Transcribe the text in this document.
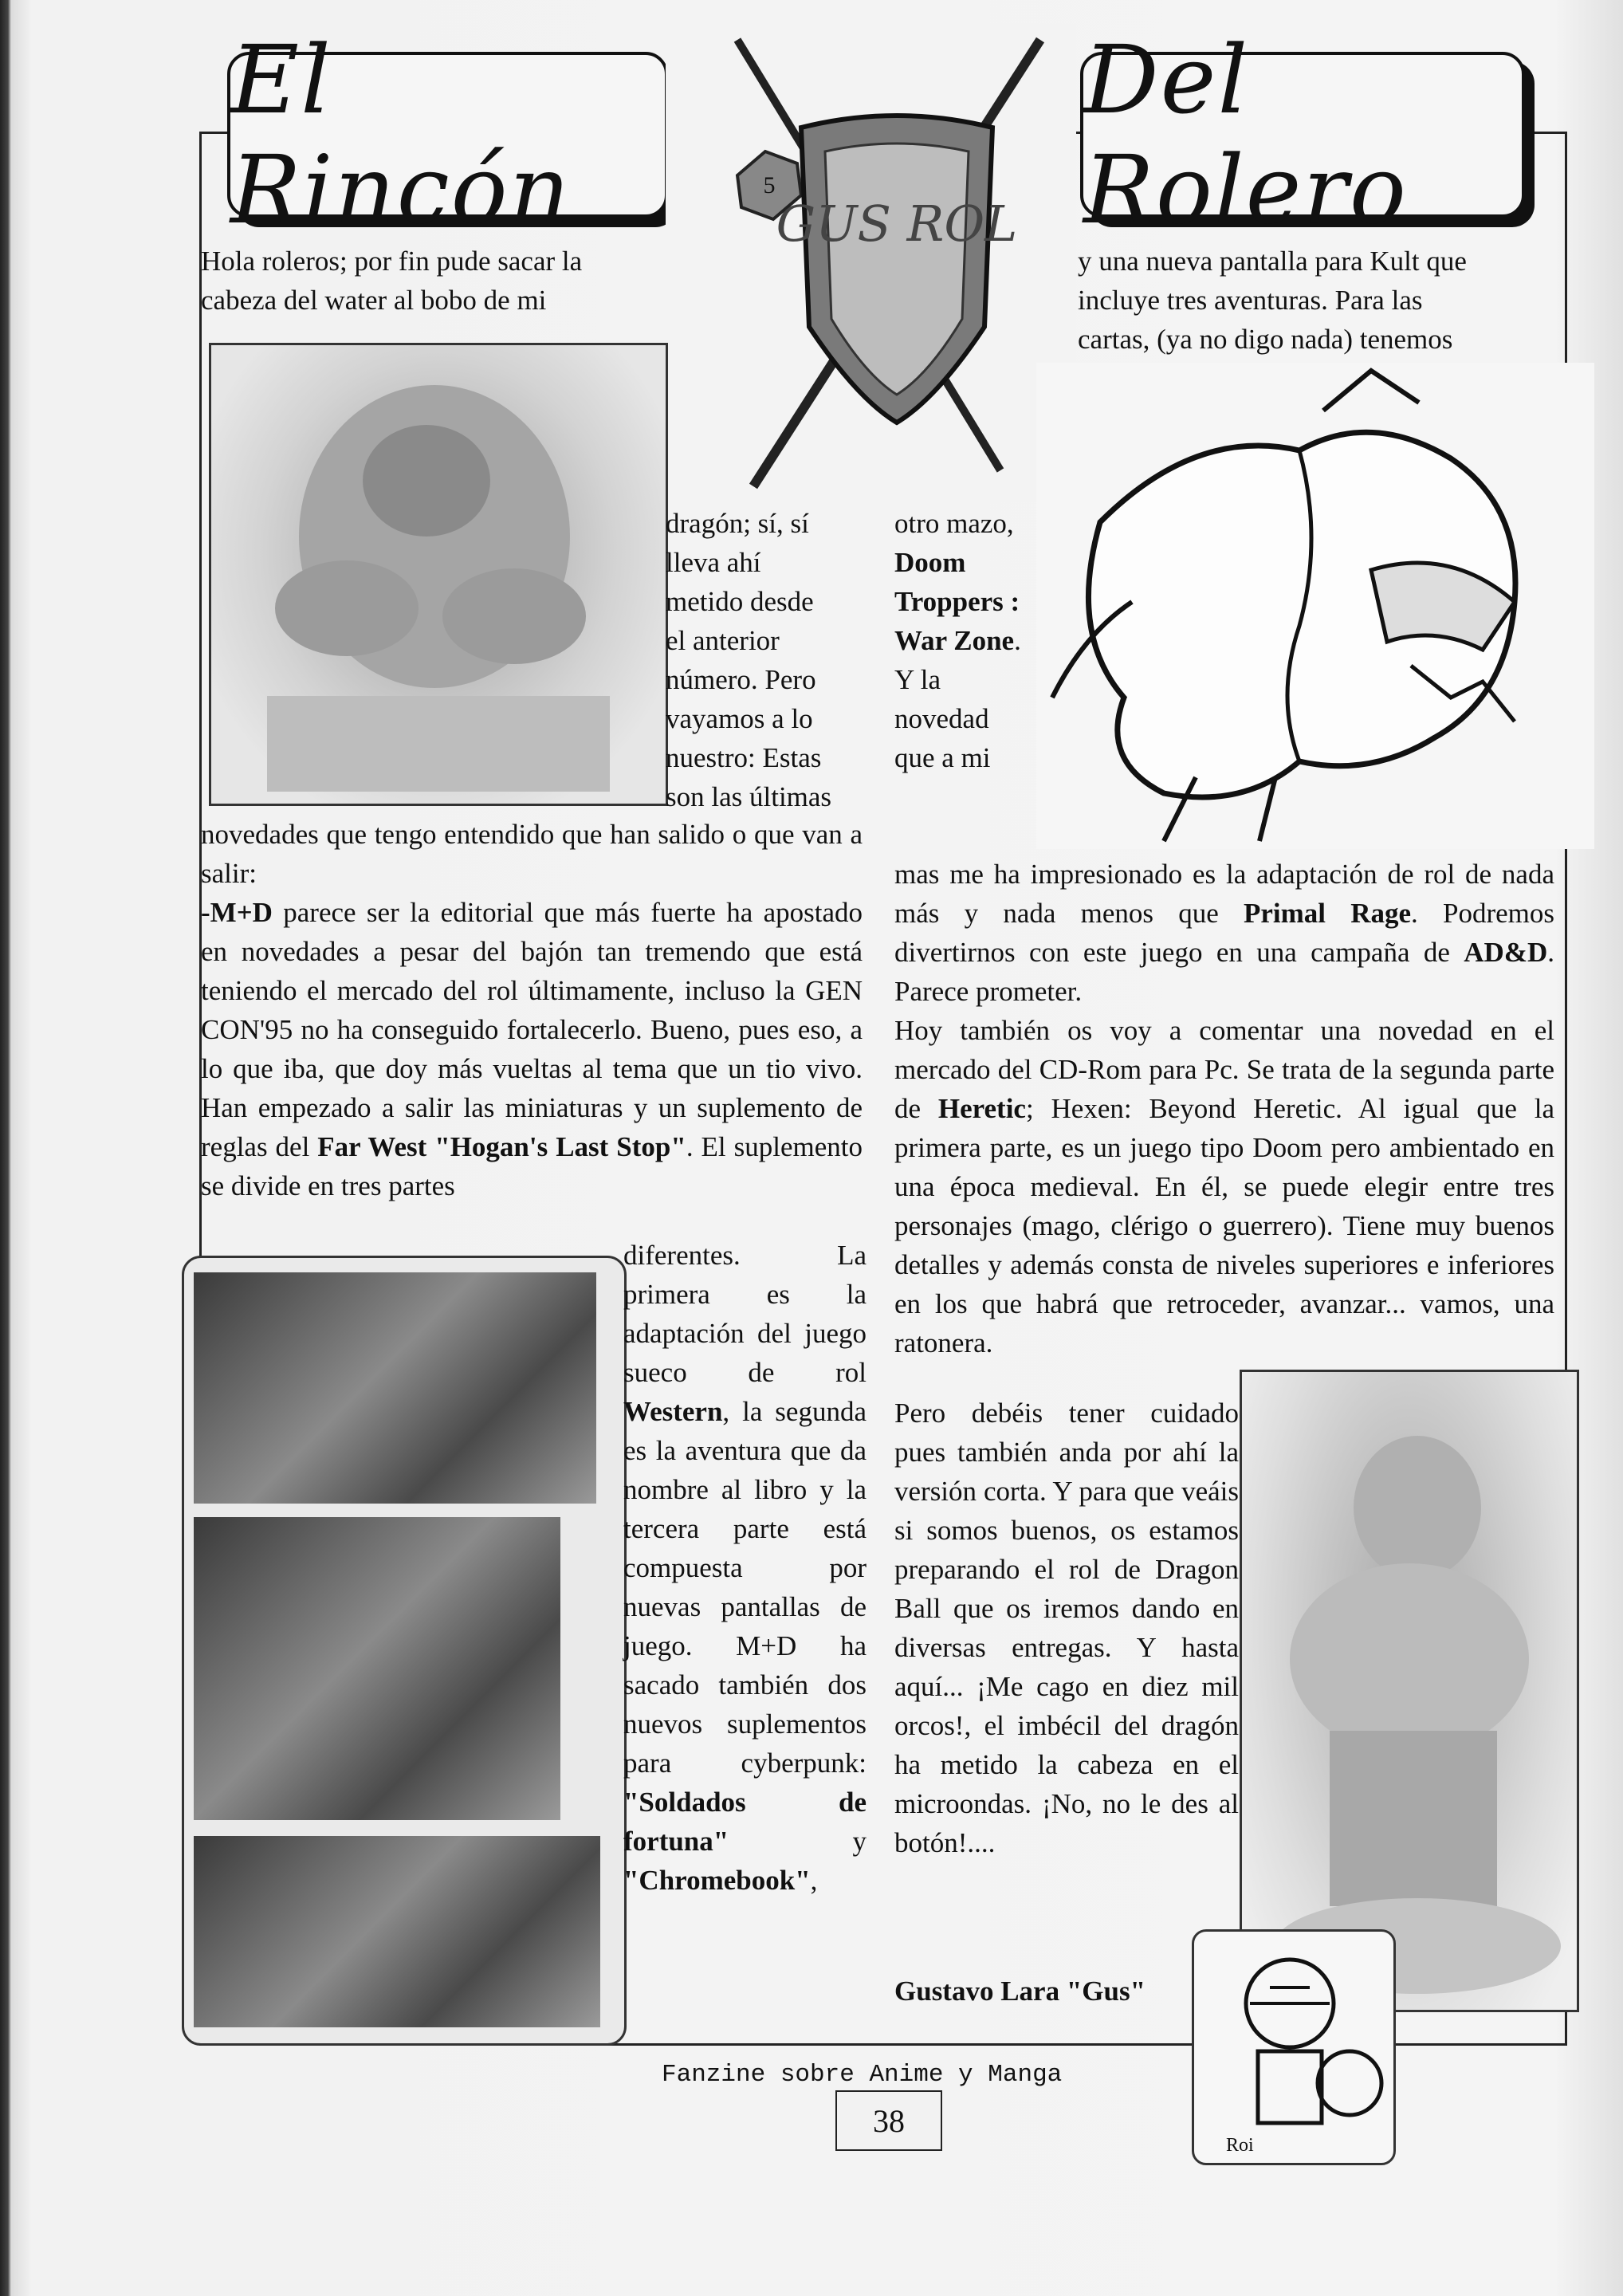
El Rincón
Del Rolero
5
GUS ROL

Hola roleros; por fin pude sacar la

cabeza del water al bobo de mi

y una nueva pantalla para Kult que

incluye tres aventuras. Para las

cartas, (ya no digo nada) tenemos

dragón; sí, sí

lleva ahí

metido desde

el anterior

número. Pero

vayamos a lo

nuestro: Estas

son las últimas

otro mazo, Doom Troppers : War Zone. Y la novedad que a mi

novedades que tengo entendido que han salido o que van a salir:

-M+D parece ser la editorial que más fuerte ha apostado en novedades a pesar del bajón tan tremendo que está teniendo el mercado del rol últimamente, incluso la GEN CON'95 no ha conseguido fortalecerlo. Bueno, pues eso, a lo que iba, que doy más vueltas al tema que un tio vivo. Han empezado a salir las miniaturas y un suplemento de reglas del Far West "Hogan's Last Stop". El suplemento se divide en tres partes

mas me ha impresionado es la adaptación de rol de nada más y nada menos que Primal Rage. Podremos divertirnos con este juego en una campaña de AD&D. Parece prometer.

Hoy también os voy a comentar una novedad en el mercado del CD-Rom para Pc. Se trata de la segunda parte de Heretic; Hexen: Beyond Heretic. Al igual que la primera parte, es un juego tipo Doom pero ambientado en una época medieval. En él, se puede elegir entre tres personajes (mago, clérigo o guerrero). Tiene muy buenos detalles y además consta de niveles superiores e inferiores en los que habrá que retroceder, avanzar... vamos, una ratonera.

diferentes. La primera es la adaptación del juego sueco de rol Western, la segunda es la aventura que da nombre al libro y la tercera parte está compuesta por nuevas pantallas de juego. M+D ha sacado también dos nuevos suplementos para cyberpunk: "Soldados de fortuna" y "Chromebook",

Pero debéis tener cuidado pues también anda por ahí la versión corta. Y para que veáis si somos buenos, os estamos preparando el rol de Dragon Ball que os iremos dando en diversas entregas. Y hasta aquí... ¡Me cago en diez mil orcos!, el imbécil del dragón ha metido la cabeza en el microondas. ¡No, no le des al botón!....

Gustavo Lara "Gus"
Roi
Fanzine sobre Anime y Manga
38
